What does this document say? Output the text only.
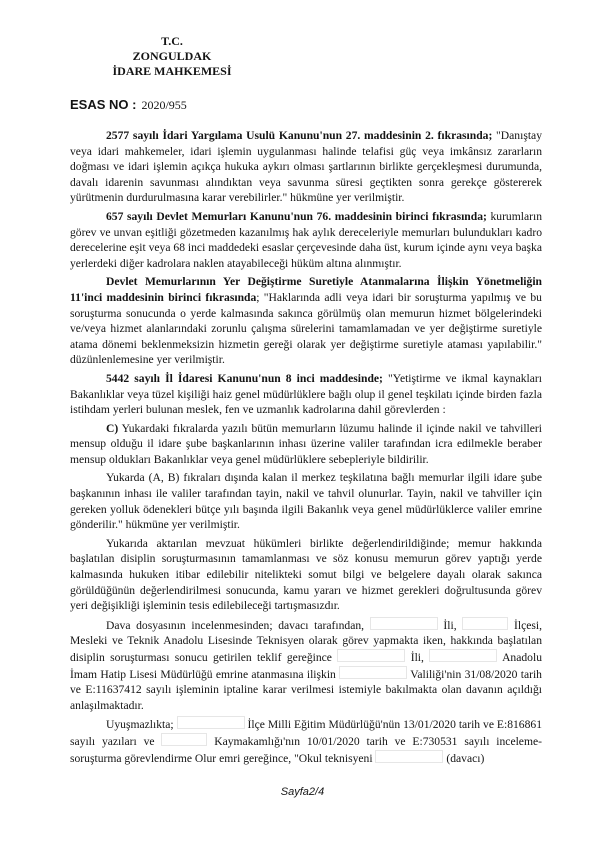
T.C.
ZONGULDAK
İDARE MAHKEMESİ
ESAS NO : 2020/955

2577 sayılı İdari Yargılama Usulü Kanunu'nun 27. maddesinin 2. fıkrasında; "Danıştay veya idari mahkemeler, idari işlemin uygulanması halinde telafisi güç veya imkânsız zararların doğması ve idari işlemin açıkça hukuka aykırı olması şartlarının birlikte gerçekleşmesi durumunda, davalı idarenin savunması alındıktan veya savunma süresi geçtikten sonra gerekçe göstererek yürütmenin durdurulmasına karar verebilirler." hükmüne yer verilmiştir.

657 sayılı Devlet Memurları Kanunu'nun 76. maddesinin birinci fıkrasında; kurumların görev ve unvan eşitliği gözetmeden kazanılmış hak aylık dereceleriyle memurları bulundukları kadro derecelerine eşit veya 68 inci maddedeki esaslar çerçevesinde daha üst, kurum içinde aynı veya başka yerlerdeki diğer kadrolara naklen atayabileceği hüküm altına alınmıştır.

Devlet Memurlarının Yer Değiştirme Suretiyle Atanmalarına İlişkin Yönetmeliğin 11'inci maddesinin birinci fıkrasında; "Haklarında adli veya idari bir soruşturma yapılmış ve bu soruşturma sonucunda o yerde kalmasında sakınca görülmüş olan memurun hizmet bölgelerindeki ve/veya hizmet alanlarındaki zorunlu çalışma sürelerini tamamlamadan ve yer değiştirme suretiyle atama dönemi beklenmeksizin hizmetin gereği olarak yer değiştirme suretiyle ataması yapılabilir." düzünlenlemesine yer verilmiştir.

5442 sayılı İl İdaresi Kanunu'nun 8 inci maddesinde; "Yetiştirme ve ikmal kaynakları Bakanlıklar veya tüzel kişiliği haiz genel müdürlüklere bağlı olup il genel teşkilatı içinde birden fazla istihdam yerleri bulunan meslek, fen ve uzmanlık kadrolarına dahil görevlerden :

C) Yukardaki fıkralarda yazılı bütün memurların lüzumu halinde il içinde nakil ve tahvilleri mensup olduğu il idare şube başkanlarının inhası üzerine valiler tarafından icra edilmekle beraber mensup oldukları Bakanlıklar veya genel müdürlüklere sebepleriyle bildirilir.

Yukarda (A, B) fıkraları dışında kalan il merkez teşkilatına bağlı memurlar ilgili idare şube başkanının inhası ile valiler tarafından tayin, nakil ve tahvil olunurlar. Tayin, nakil ve tahviller için gereken yolluk ödenekleri bütçe yılı başında ilgili Bakanlık veya genel müdürlüklerce valiler emrine gönderilir." hükmüne yer verilmiştir.

Yukarıda aktarılan mevzuat hükümleri birlikte değerlendirildiğinde; memur hakkında başlatılan disiplin soruşturmasının tamamlanması ve söz konusu memurun görev yaptığı yerde kalmasında hukuken itibar edilebilir nitelikteki somut bilgi ve belgelere dayalı olarak sakınca görüldüğünün değerlendirilmesi sonucunda, kamu yararı ve hizmet gerekleri doğrultusunda görev yeri değişikliği işleminin tesis edilebileceği tartışmasızdır.

Dava dosyasının incelenmesinden; davacı tarafından,	İli,	İlçesi, Mesleki ve Teknik Anadolu Lisesinde Teknisyen olarak görev yapmakta iken, hakkında başlatılan disiplin soruşturması sonucu getirilen teklif gereğince	İli,	Anadolu İmam Hatip Lisesi Müdürlüğü emrine atanmasına ilişkin	Valiliği'nin 31/08/2020 tarih ve E:11637412 sayılı işleminin iptaline karar verilmesi istemiyle bakılmakta olan davanın açıldığı anlaşılmaktadır.

Uyuşmazlıkta;	İlçe Milli Eğitim Müdürlüğü'nün 13/01/2020 tarih ve E:816861 sayılı yazıları ve	Kaymakamlığı'nın 10/01/2020 tarih ve E:730531 sayılı inceleme-soruşturma görevlendirme Olur emri gereğince, "Okul teknisyeni	(davacı)

Sayfa2/4
